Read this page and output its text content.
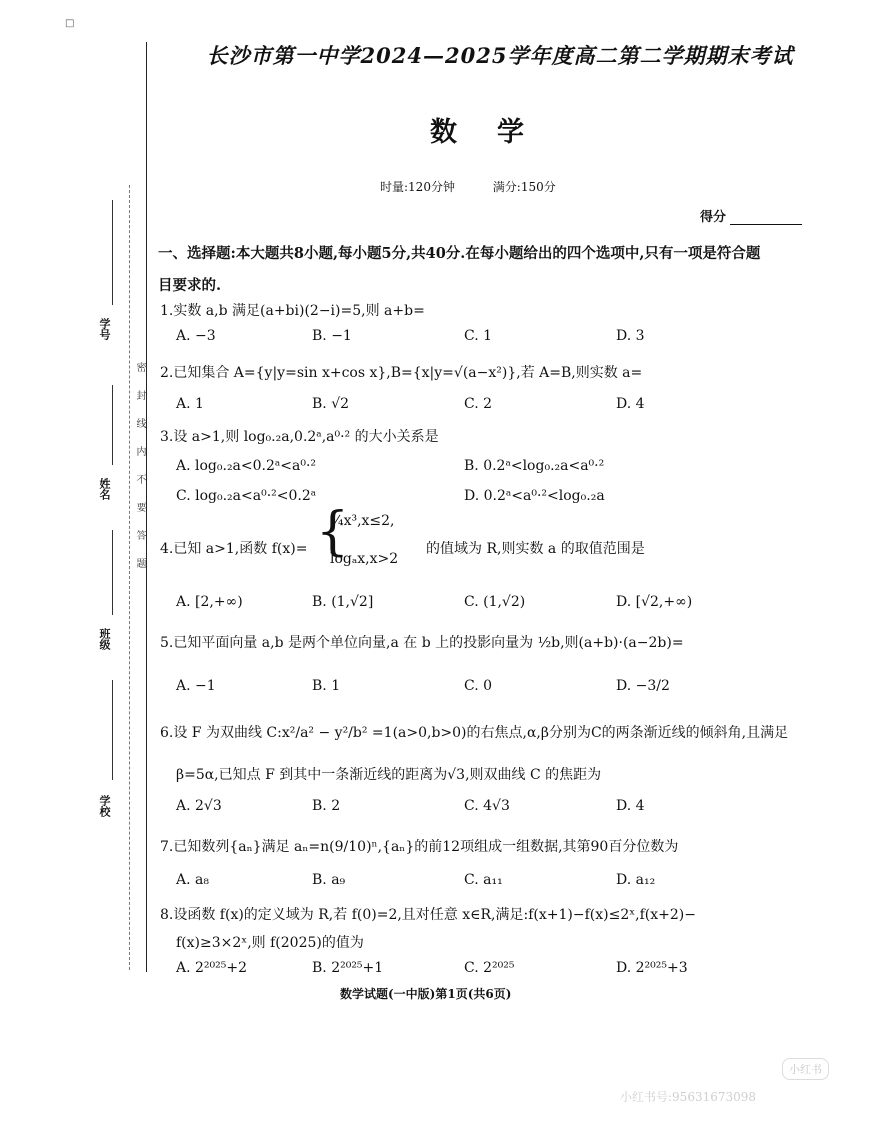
□
学号
姓名
班级
学校
密封线内不要答题
长沙市第一中学2024—2025学年度高二第二学期期末考试
数学
时量:120分钟	满分:150分
得分
一、选择题:本大题共8小题,每小题5分,共40分.在每小题给出的四个选项中,只有一项是符合题
目要求的.
1.实数 a,b 满足(a+bi)(2−i)=5,则 a+b=
A. −3	B. −1	C. 1	D. 3
2.已知集合 A={y|y=sin x+cos x},B={x|y=√(a−x²)},若 A=B,则实数 a=
A. 1	B. √2	C. 2	D. 4
3.设 a>1,则 log₀.₂a,0.2ᵃ,a⁰·² 的大小关系是
A. log₀.₂a<0.2ᵃ<a⁰·²	B. 0.2ᵃ<log₀.₂a<a⁰·²
C. log₀.₂a<a⁰·²<0.2ᵃ	D. 0.2ᵃ<a⁰·²<log₀.₂a
4.已知 a>1,函数 f(x)= {
¼x³,x≤2,
logₐx,x>2
的值域为 R,则实数 a 的取值范围是
A. [2,+∞)	B. (1,√2]	C. (1,√2)	D. [√2,+∞)
5.已知平面向量 a,b 是两个单位向量,a 在 b 上的投影向量为 ½b,则(a+b)·(a−2b)=
A. −1	B. 1	C. 0	D. −3/2
6.设 F 为双曲线 C:x²/a² − y²/b² =1(a>0,b>0)的右焦点,α,β分别为C的两条渐近线的倾斜角,且满足
β=5α,已知点 F 到其中一条渐近线的距离为√3,则双曲线 C 的焦距为
A. 2√3	B. 2	C. 4√3	D. 4
7.已知数列{aₙ}满足 aₙ=n(9/10)ⁿ,{aₙ}的前12项组成一组数据,其第90百分位数为
A. a₈	B. a₉	C. a₁₁	D. a₁₂
8.设函数 f(x)的定义域为 R,若 f(0)=2,且对任意 x∈R,满足:f(x+1)−f(x)≤2ˣ,f(x+2)−
f(x)≥3×2ˣ,则 f(2025)的值为
A. 2²⁰²⁵+2	B. 2²⁰²⁵+1	C. 2²⁰²⁵	D. 2²⁰²⁵+3
数学试题(一中版)第1页(共6页)
小红书
小红书号:95631673098
